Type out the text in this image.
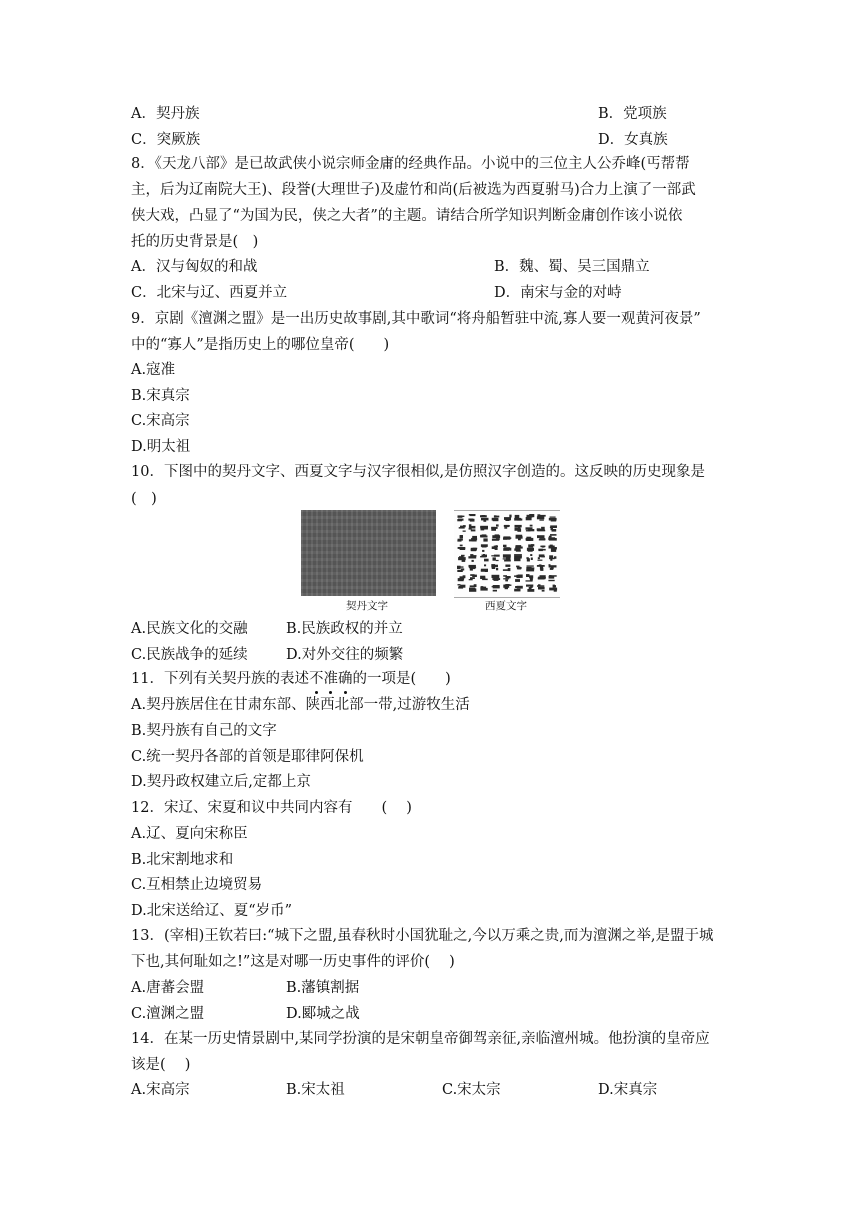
A．契丹族	B．党项族
C．突厥族	D．女真族
8．《天龙八部》是已故武侠小说宗师金庸的经典作品。小说中的三位主人公乔峰(丐帮帮
主，后为辽南院大王)、段誉(大理世子)及虚竹和尚(后被选为西夏驸马)合力上演了一部武
侠大戏，凸显了“为国为民，侠之大者”的主题。请结合所学知识判断金庸创作该小说依
托的历史背景是(　)
A．汉与匈奴的和战	B．魏、蜀、吴三国鼎立
C．北宋与辽、西夏并立	D．南宋与金的对峙
9．京剧《澶渊之盟》是一出历史故事剧,其中歌词“将舟船暂驻中流,寡人要一观黄河夜景”
中的“寡人”是指历史上的哪位皇帝(　　)
A.寇准
B.宋真宗
C.宋高宗
D.明太祖
10．下图中的契丹文字、西夏文字与汉字很相似,是仿照汉字创造的。这反映的历史现象是
(　)
契丹文字	西夏文字
A.民族文化的交融	B.民族政权的并立
C.民族战争的延续	D.对外交往的频繁
11．下列有关契丹族的表述不准确的一项是(　　)
A.契丹族居住在甘肃东部、陕西北部一带,过游牧生活
B.契丹族有自己的文字
C.统一契丹各部的首领是耶律阿保机
D.契丹政权建立后,定都上京
12．宋辽、宋夏和议中共同内容有　　(　 )
A.辽、夏向宋称臣
B.北宋割地求和
C.互相禁止边境贸易
D.北宋送给辽、夏“岁币”
13．(宰相)王钦若曰:“城下之盟,虽春秋时小国犹耻之,今以万乘之贵,而为澶渊之举,是盟于城
下也,其何耻如之!”这是对哪一历史事件的评价(　 )
A.唐蕃会盟	B.藩镇割据
C.澶渊之盟	D.郾城之战
14．在某一历史情景剧中,某同学扮演的是宋朝皇帝御驾亲征,亲临澶州城。他扮演的皇帝应
该是(　 )
A.宋高宗	B.宋太祖	C.宋太宗	D.宋真宗
